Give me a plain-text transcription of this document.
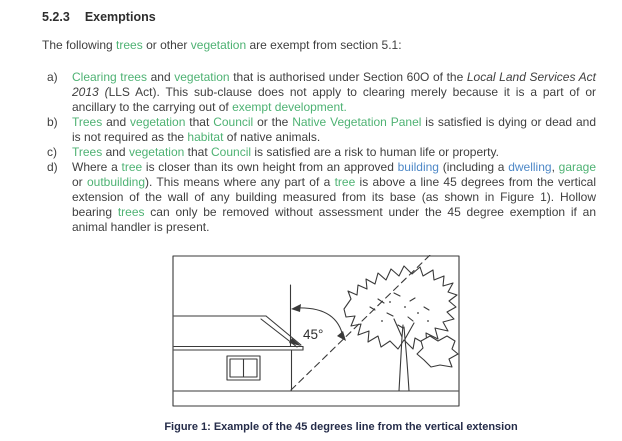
5.2.3 Exemptions

The following trees or other vegetation are exempt from section 5.1:

a)	Clearing trees and vegetation that is authorised under Section 60O of the Local Land Services Act 2013 (LLS Act). This sub-clause does not apply to clearing merely because it is a part of or ancillary to the carrying out of exempt development.
b)	Trees and vegetation that Council or the Native Vegetation Panel is satisfied is dying or dead and is not required as the habitat of native animals.
c)	Trees and vegetation that Council is satisfied are a risk to human life or property.
d)	Where a tree is closer than its own height from an approved building (including a dwelling, garage or outbuilding). This means where any part of a tree is above a line 45 degrees from the vertical extension of the wall of any building measured from its base (as shown in Figure 1). Hollow bearing trees can only be removed without assessment under the 45 degree exemption if an animal handler is present.
45°
Figure 1: Example of the 45 degrees line from the vertical extension
